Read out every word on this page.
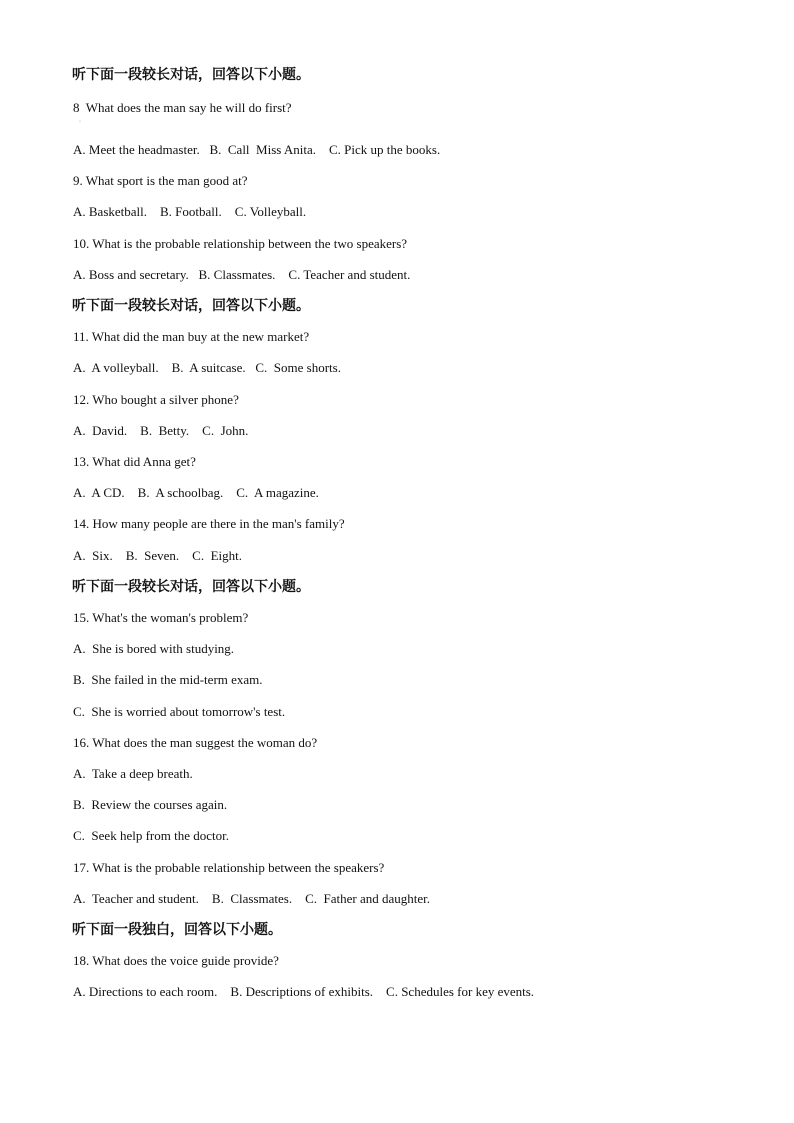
听下面一段较长对话，回答以下小题。
8  What does the man say he will do first?
·
A. Meet the headmaster.   B.  Call  Miss Anita.    C. Pick up the books.
9. What sport is the man good at?
A. Basketball.    B. Football.    C. Volleyball.
10. What is the probable relationship between the two speakers?
A. Boss and secretary.   B. Classmates.    C. Teacher and student.
听下面一段较长对话，回答以下小题。
11. What did the man buy at the new market?
A.  A volleyball.    B.  A suitcase.   C.  Some shorts.
12. Who bought a silver phone?
A.  David.    B.  Betty.    C.  John.
13. What did Anna get?
A.  A CD.    B.  A schoolbag.    C.  A magazine.
14. How many people are there in the man's family?
A.  Six.    B.  Seven.    C.  Eight.
听下面一段较长对话，回答以下小题。
15. What's the woman's problem?
A.  She is bored with studying.
B.  She failed in the mid-term exam.
C.  She is worried about tomorrow's test.
16. What does the man suggest the woman do?
A.  Take a deep breath.
B.  Review the courses again.
C.  Seek help from the doctor.
17. What is the probable relationship between the speakers?
A.  Teacher and student.    B.  Classmates.    C.  Father and daughter.
听下面一段独白，回答以下小题。
18. What does the voice guide provide?
A. Directions to each room.    B. Descriptions of exhibits.    C. Schedules for key events.
